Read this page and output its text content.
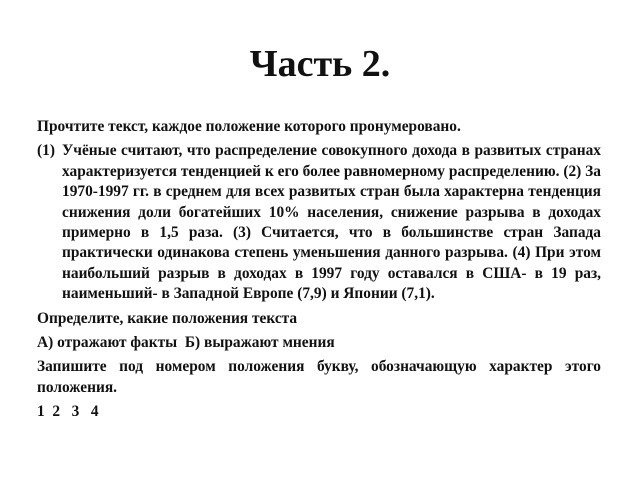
Часть 2.

Прочтите текст, каждое положение которого пронумеровано.

(1) Учёные считают, что распределение совокупного дохода в развитых странах характеризуется тенденцией к его более равномерному распределению. (2) За 1970-1997 гг. в среднем для всех развитых стран была характерна тенденция снижения доли богатейших 10% населения, снижение разрыва в доходах примерно в 1,5 раза. (3) Считается, что в большинстве стран Запада практически одинакова степень уменьшения данного разрыва. (4) При этом наибольший разрыв в доходах в 1997 году оставался в США- в 19 раз, наименьший- в Западной Европе (7,9) и Японии (7,1).

Определите, какие положения текста

А) отражают факты  Б) выражают мнения

Запишите под номером положения букву, обозначающую характер этого положения.

1  2   3   4
